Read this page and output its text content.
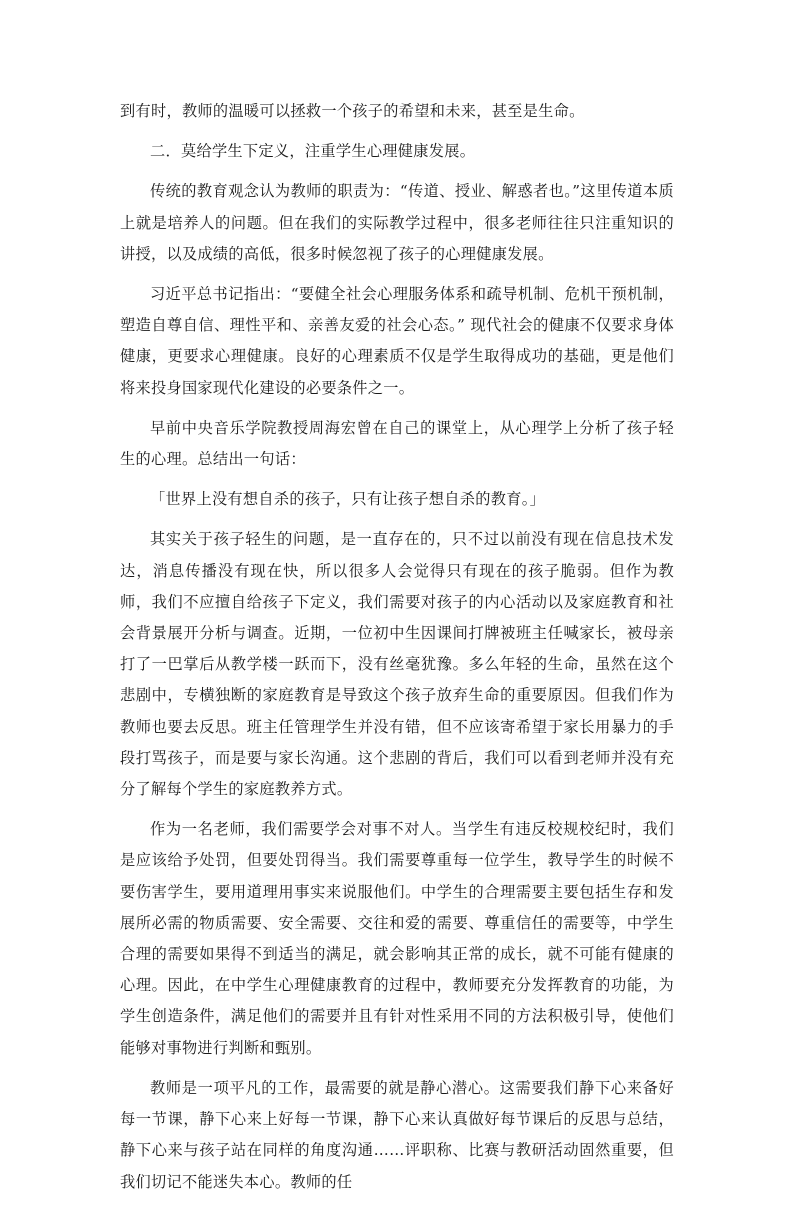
到有时，教师的温暖可以拯救一个孩子的希望和未来，甚至是生命。

二．莫给学生下定义，注重学生心理健康发展。

传统的教育观念认为教师的职责为：“传道、授业、解惑者也。”这里传道本质上就是培养人的问题。但在我们的实际教学过程中，很多老师往往只注重知识的讲授，以及成绩的高低，很多时候忽视了孩子的心理健康发展。

习近平总书记指出：“要健全社会心理服务体系和疏导机制、危机干预机制，塑造自尊自信、理性平和、亲善友爱的社会心态。” 现代社会的健康不仅要求身体健康，更要求心理健康。良好的心理素质不仅是学生取得成功的基础，更是他们将来投身国家现代化建设的必要条件之一。

早前中央音乐学院教授周海宏曾在自己的课堂上，从心理学上分析了孩子轻生的心理。总结出一句话：

「世界上没有想自杀的孩子，只有让孩子想自杀的教育。」

其实关于孩子轻生的问题，是一直存在的，只不过以前没有现在信息技术发达，消息传播没有现在快，所以很多人会觉得只有现在的孩子脆弱。但作为教师，我们不应擅自给孩子下定义，我们需要对孩子的内心活动以及家庭教育和社会背景展开分析与调查。近期，一位初中生因课间打牌被班主任喊家长，被母亲打了一巴掌后从教学楼一跃而下，没有丝毫犹豫。多么年轻的生命，虽然在这个悲剧中，专横独断的家庭教育是导致这个孩子放弃生命的重要原因。但我们作为教师也要去反思。班主任管理学生并没有错，但不应该寄希望于家长用暴力的手段打骂孩子，而是要与家长沟通。这个悲剧的背后，我们可以看到老师并没有充分了解每个学生的家庭教养方式。

作为一名老师，我们需要学会对事不对人。当学生有违反校规校纪时，我们是应该给予处罚，但要处罚得当。我们需要尊重每一位学生，教导学生的时候不要伤害学生，要用道理用事实来说服他们。中学生的合理需要主要包括生存和发展所必需的物质需要、安全需要、交往和爱的需要、尊重信任的需要等，中学生合理的需要如果得不到适当的满足，就会影响其正常的成长，就不可能有健康的心理。因此，在中学生心理健康教育的过程中，教师要充分发挥教育的功能，为学生创造条件，满足他们的需要并且有针对性采用不同的方法积极引导，使他们能够对事物进行判断和甄别。

教师是一项平凡的工作，最需要的就是静心潜心。这需要我们静下心来备好每一节课，静下心来上好每一节课，静下心来认真做好每节课后的反思与总结，静下心来与孩子站在同样的角度沟通……评职称、比赛与教研活动固然重要，但我们切记不能迷失本心。教师的任
